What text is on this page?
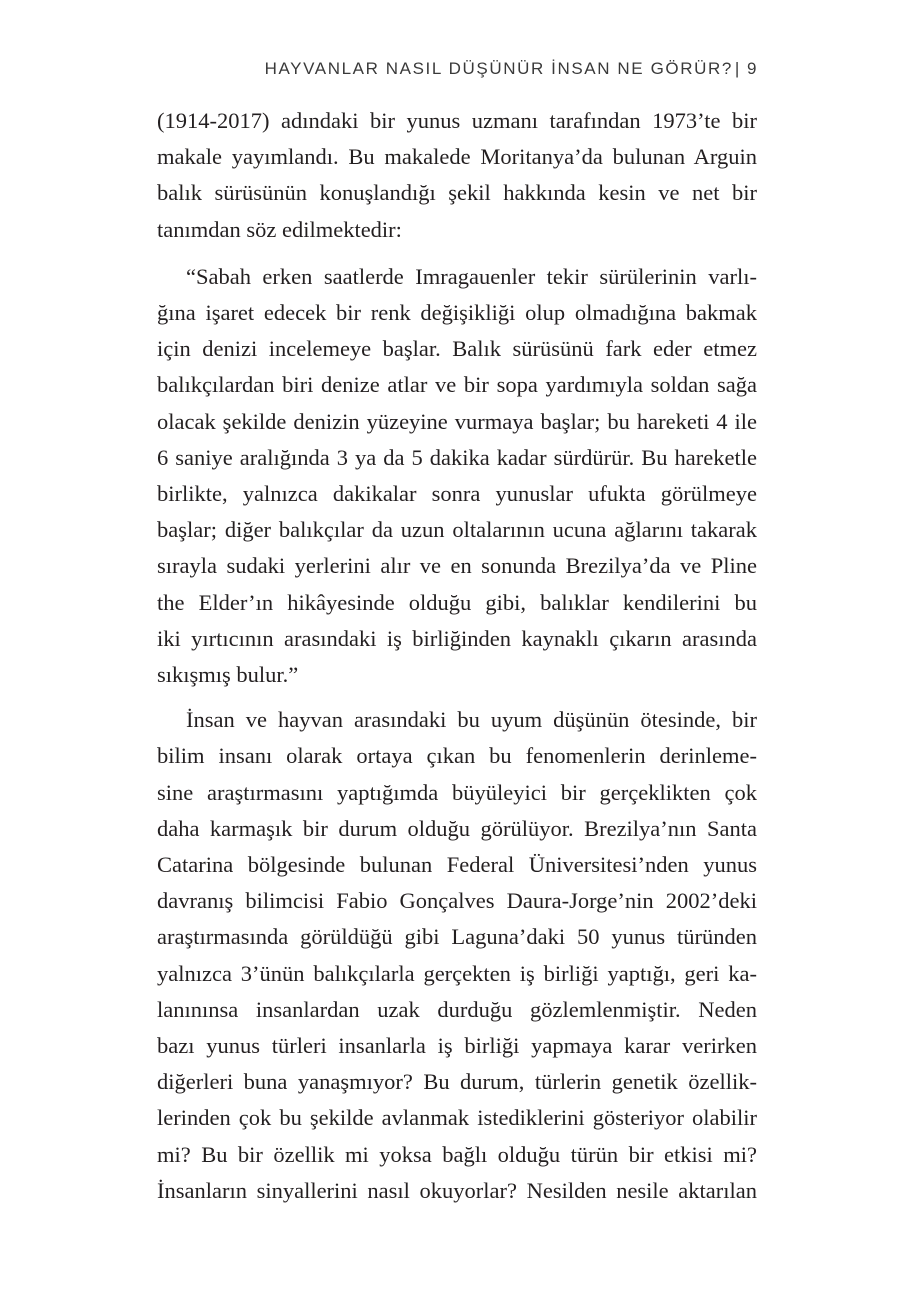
HAYVANLAR NASIL DÜŞÜNÜR İNSAN NE GÖRÜR? | 9

(1914-2017) adındaki bir yunus uzmanı tarafından 1973’te bir
makale yayımlandı. Bu makalede Moritanya’da bulunan Arguin
balık sürüsünün konuşlandığı şekil hakkında kesin ve net bir
tanımdan söz edilmektedir:

“Sabah erken saatlerde Imragauenler tekir sürülerinin varlı-
ğına işaret edecek bir renk değişikliği olup olmadığına bakmak
için denizi incelemeye başlar. Balık sürüsünü fark eder etmez
balıkçılardan biri denize atlar ve bir sopa yardımıyla soldan sağa
olacak şekilde denizin yüzeyine vurmaya başlar; bu hareketi 4 ile
6 saniye aralığında 3 ya da 5 dakika kadar sürdürür. Bu hareketle
birlikte, yalnızca dakikalar sonra yunuslar ufukta görülmeye
başlar; diğer balıkçılar da uzun oltalarının ucuna ağlarını takarak
sırayla sudaki yerlerini alır ve en sonunda Brezilya’da ve Pline
the Elder’ın hikâyesinde olduğu gibi, balıklar kendilerini bu
iki yırtıcının arasındaki iş birliğinden kaynaklı çıkarın arasında
sıkışmış bulur.”

İnsan ve hayvan arasındaki bu uyum düşünün ötesinde, bir
bilim insanı olarak ortaya çıkan bu fenomenlerin derinleme-
sine araştırmasını yaptığımda büyüleyici bir gerçeklikten çok
daha karmaşık bir durum olduğu görülüyor. Brezilya’nın Santa
Catarina bölgesinde bulunan Federal Üniversitesi’nden yunus
davranış bilimcisi Fabio Gonçalves Daura-Jorge’nin 2002’deki
araştırmasında görüldüğü gibi Laguna’daki 50 yunus türünden
yalnızca 3’ünün balıkçılarla gerçekten iş birliği yaptığı, geri ka-
lanınınsa insanlardan uzak durduğu gözlemlenmiştir. Neden
bazı yunus türleri insanlarla iş birliği yapmaya karar verirken
diğerleri buna yanaşmıyor? Bu durum, türlerin genetik özellik-
lerinden çok bu şekilde avlanmak istediklerini gösteriyor olabilir
mi? Bu bir özellik mi yoksa bağlı olduğu türün bir etkisi mi?
İnsanların sinyallerini nasıl okuyorlar? Nesilden nesile aktarılan
